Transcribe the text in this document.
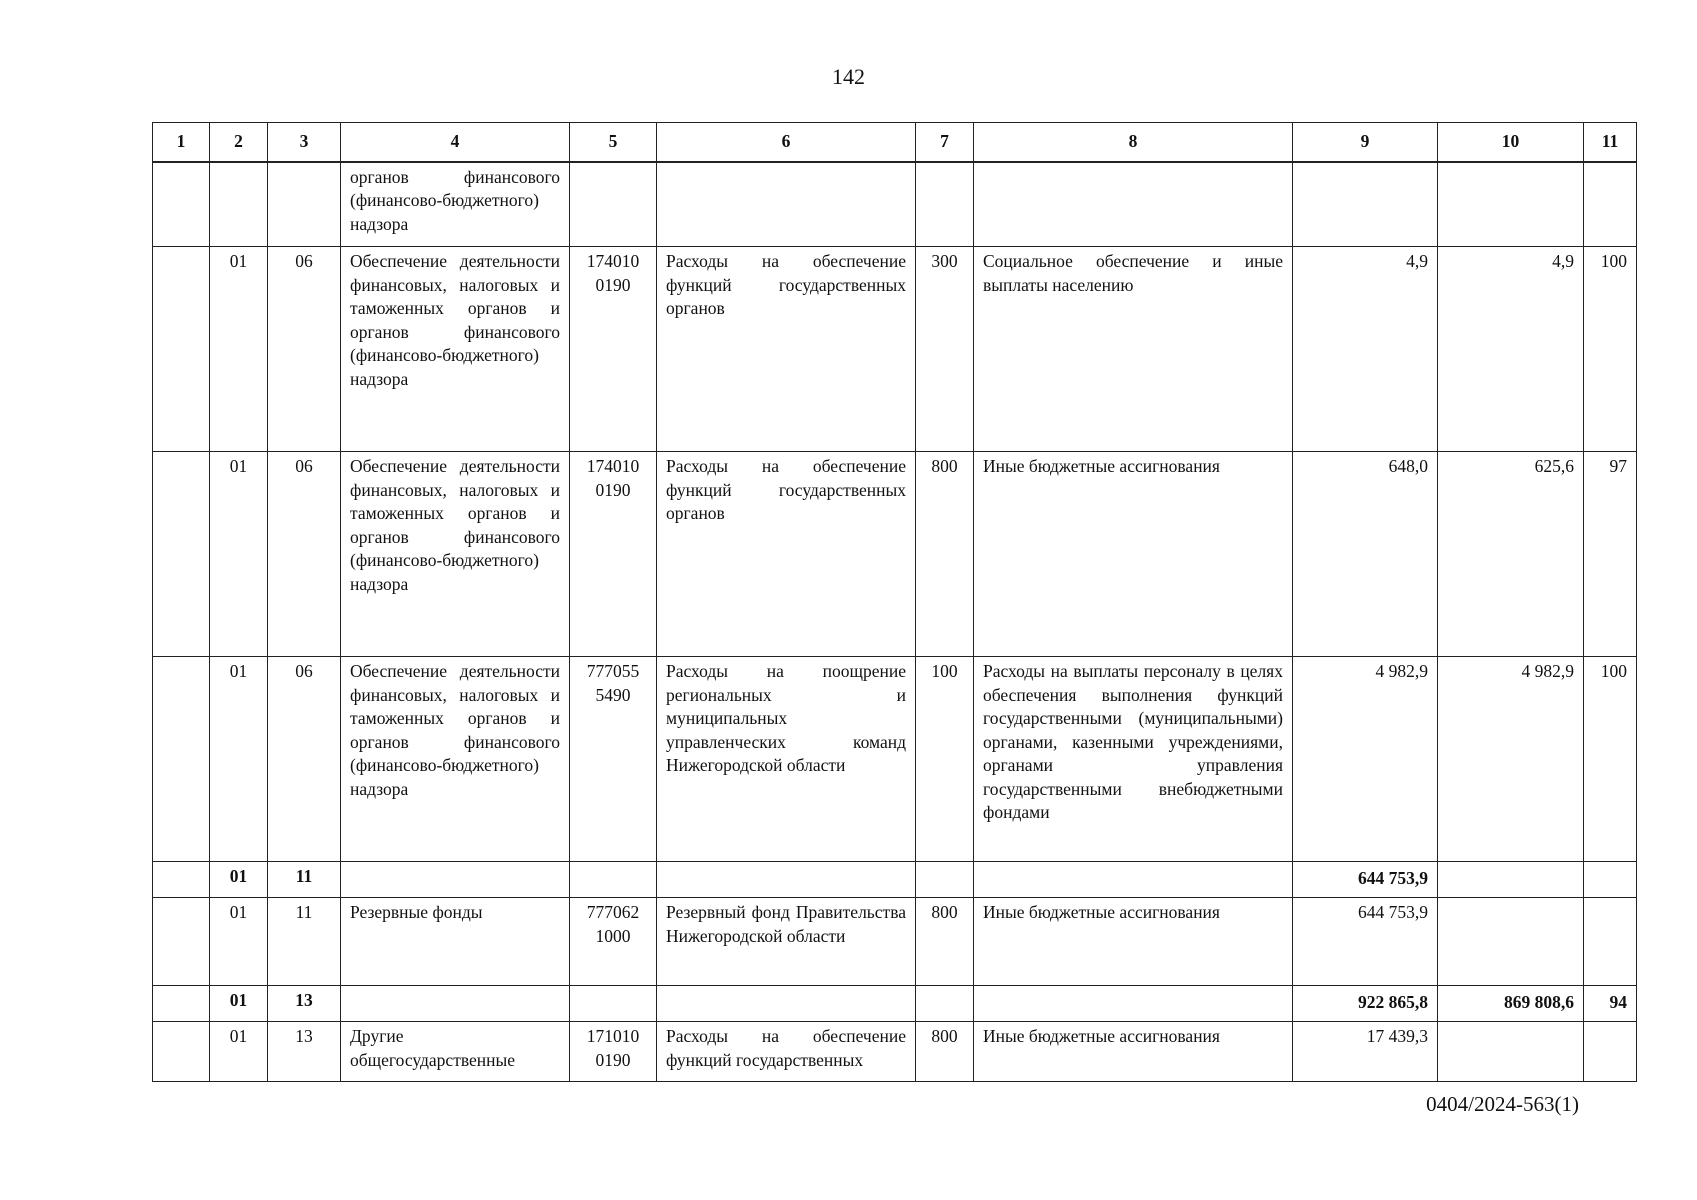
142
1	2	3	4	5	6	7	8	9	10	11
			органов финансового (финансово-бюджетного) надзора							
	01	06	Обеспечение деятельности финансовых, налоговых и таможенных органов и органов финансового (финансово-бюджетного) надзора	174010 0190	Расходы на обеспечение функций государственных органов	300	Социальное обеспечение и иные выплаты населению	4,9	4,9	100
	01	06	Обеспечение деятельности финансовых, налоговых и таможенных органов и органов финансового (финансово-бюджетного) надзора	174010 0190	Расходы на обеспечение функций государственных органов	800	Иные бюджетные ассигнования	648,0	625,6	97
	01	06	Обеспечение деятельности финансовых, налоговых и таможенных органов и органов финансового (финансово-бюджетного) надзора	777055 5490	Расходы на поощрение региональных и муниципальных управленческих команд Нижегородской области	100	Расходы на выплаты персоналу в целях обеспечения выполнения функций государственными (муниципальными) органами, казенными учреждениями, органами управления государственными внебюджетными фондами	4 982,9	4 982,9	100
	01	11						644 753,9		
	01	11	Резервные фонды	777062 1000	Резервный фонд Правительства Нижегородской области	800	Иные бюджетные ассигнования	644 753,9		
	01	13						922 865,8	869 808,6	94
	01	13	Другие общегосударственные	171010 0190	Расходы на обеспечение функций государственных	800	Иные бюджетные ассигнования	17 439,3		
0404/2024-563(1)
